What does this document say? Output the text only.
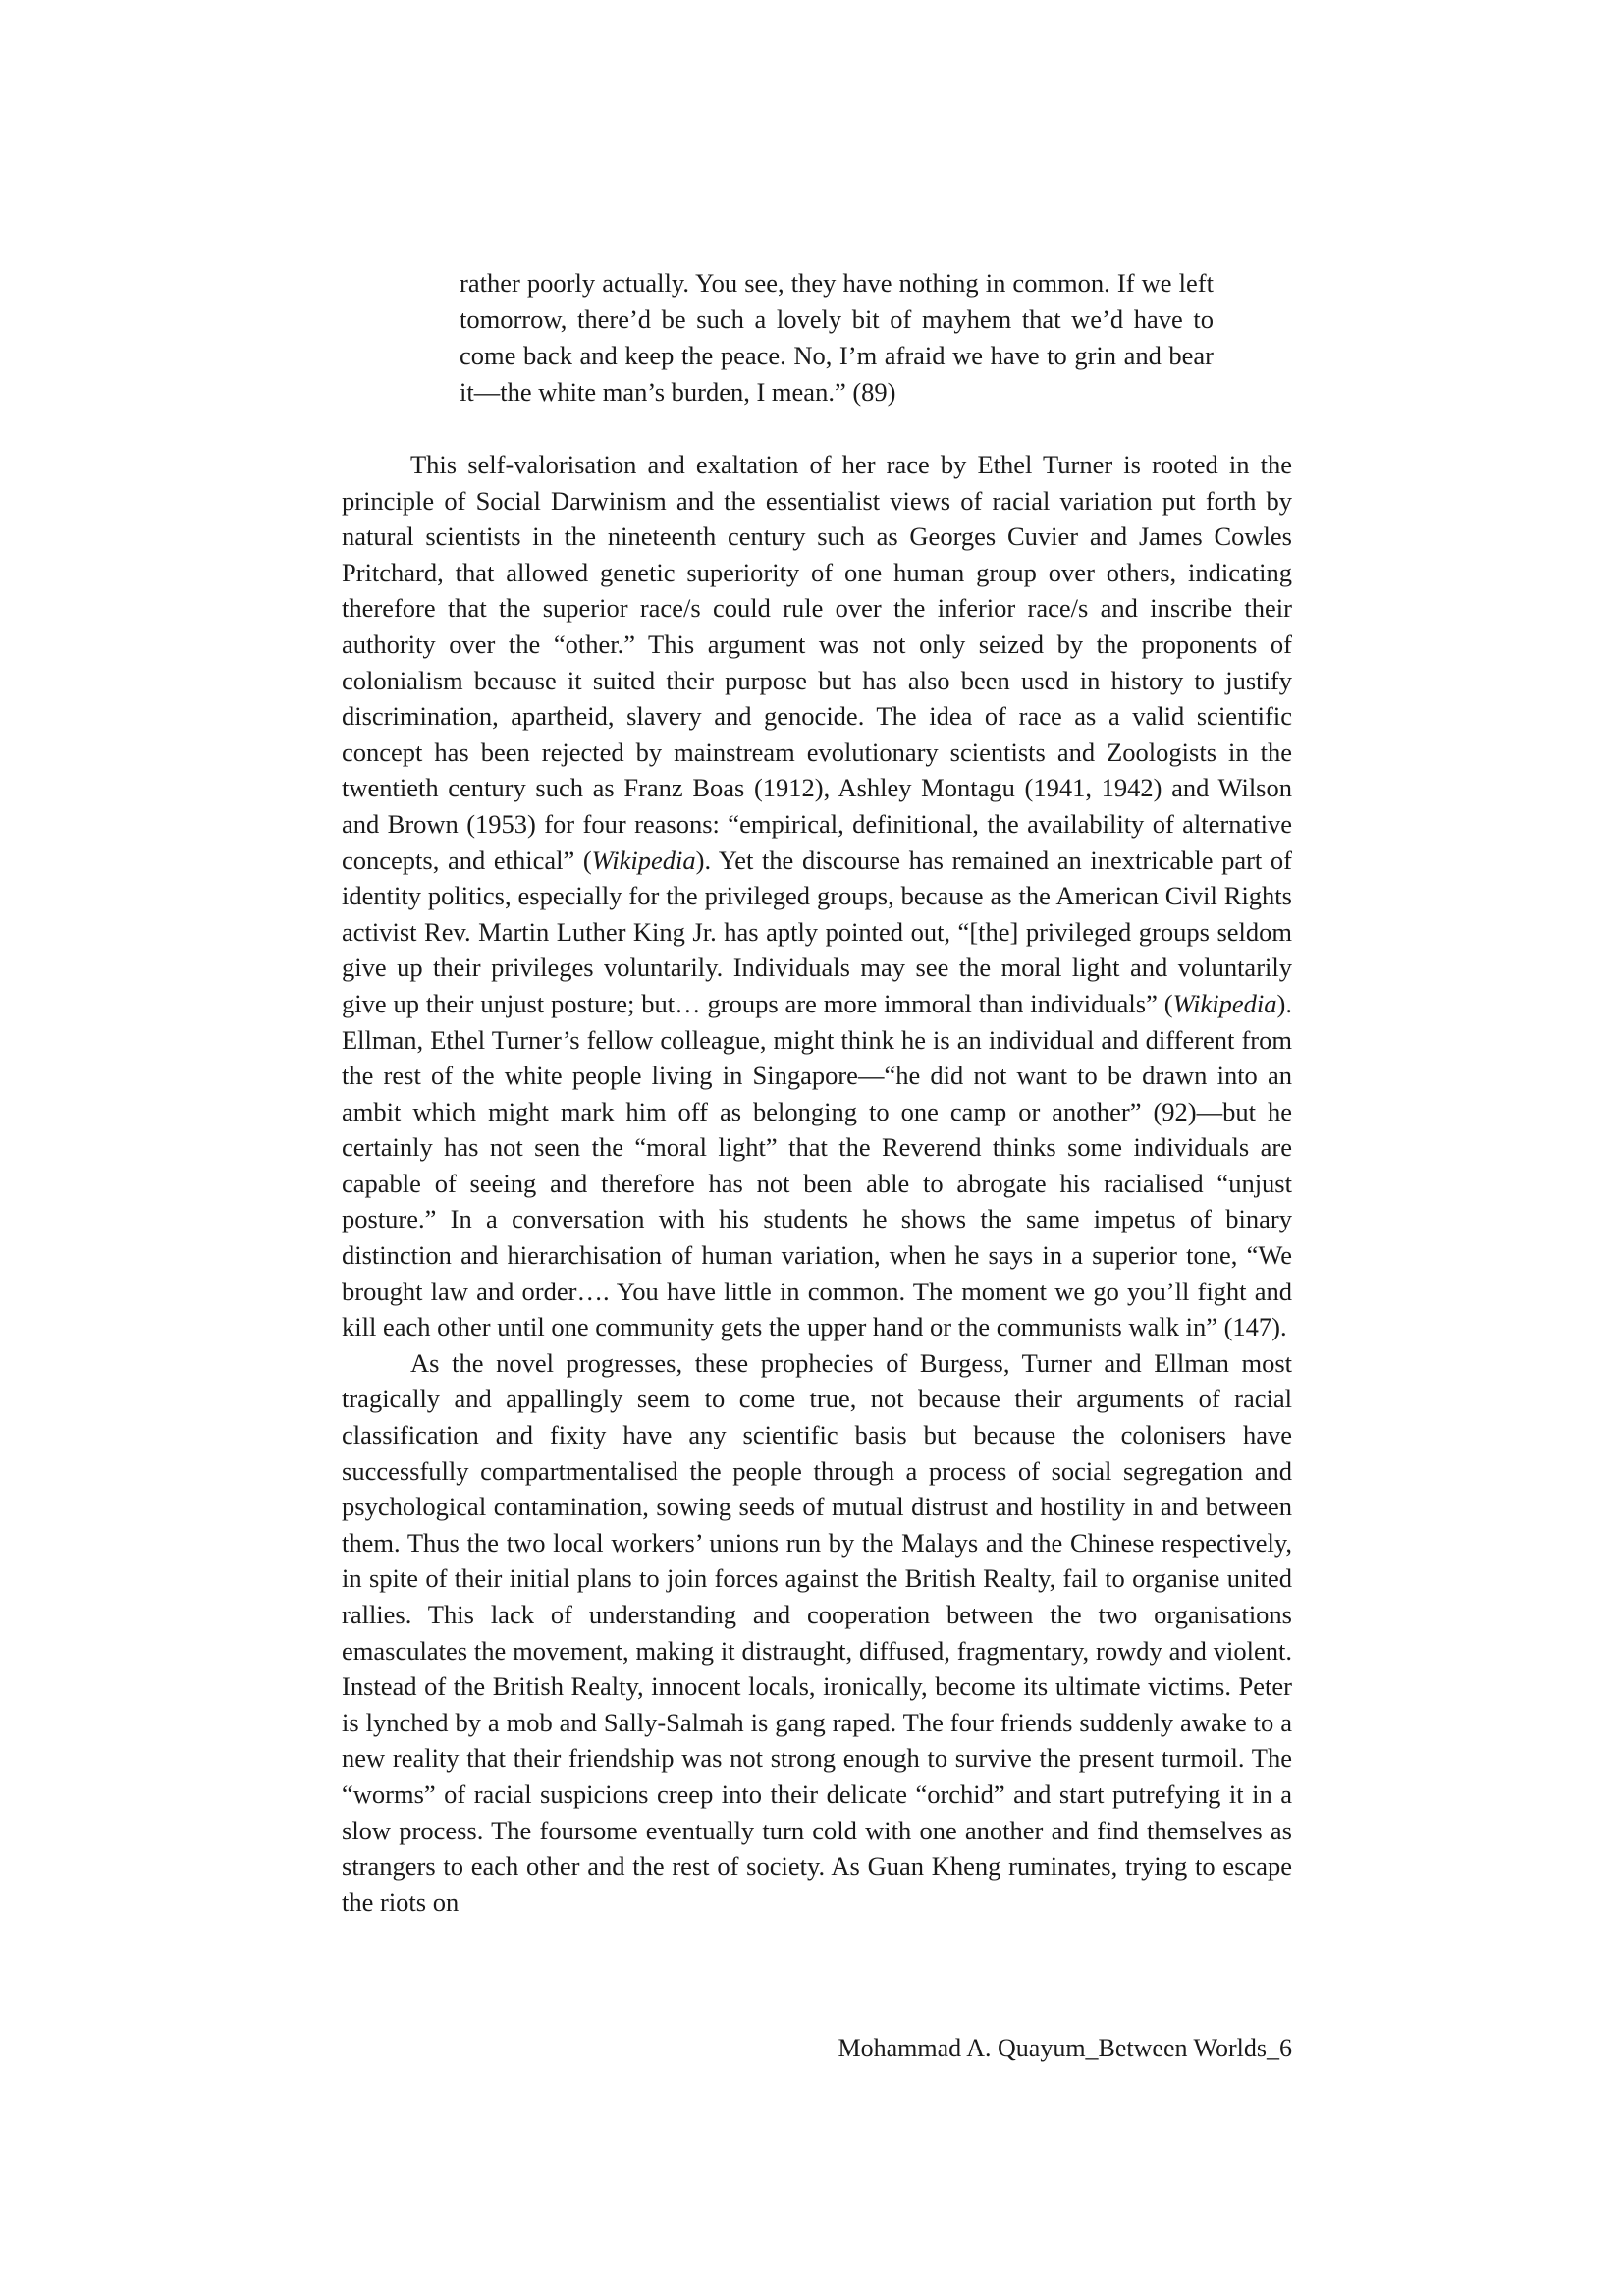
rather poorly actually. You see, they have nothing in common. If we left tomorrow, there’d be such a lovely bit of mayhem that we’d have to come back and keep the peace. No, I’m afraid we have to grin and bear it—the white man’s burden, I mean.” (89)

This self-valorisation and exaltation of her race by Ethel Turner is rooted in the principle of Social Darwinism and the essentialist views of racial variation put forth by natural scientists in the nineteenth century such as Georges Cuvier and James Cowles Pritchard, that allowed genetic superiority of one human group over others, indicating therefore that the superior race/s could rule over the inferior race/s and inscribe their authority over the “other.” This argument was not only seized by the proponents of colonialism because it suited their purpose but has also been used in history to justify discrimination, apartheid, slavery and genocide. The idea of race as a valid scientific concept has been rejected by mainstream evolutionary scientists and Zoologists in the twentieth century such as Franz Boas (1912), Ashley Montagu (1941, 1942) and Wilson and Brown (1953) for four reasons: “empirical, definitional, the availability of alternative concepts, and ethical” (Wikipedia). Yet the discourse has remained an inextricable part of identity politics, especially for the privileged groups, because as the American Civil Rights activist Rev. Martin Luther King Jr. has aptly pointed out, “[the] privileged groups seldom give up their privileges voluntarily. Individuals may see the moral light and voluntarily give up their unjust posture; but… groups are more immoral than individuals” (Wikipedia). Ellman, Ethel Turner’s fellow colleague, might think he is an individual and different from the rest of the white people living in Singapore—“he did not want to be drawn into an ambit which might mark him off as belonging to one camp or another” (92)—but he certainly has not seen the “moral light” that the Reverend thinks some individuals are capable of seeing and therefore has not been able to abrogate his racialised “unjust posture.” In a conversation with his students he shows the same impetus of binary distinction and hierarchisation of human variation, when he says in a superior tone, “We brought law and order…. You have little in common. The moment we go you’ll fight and kill each other until one community gets the upper hand or the communists walk in” (147).

As the novel progresses, these prophecies of Burgess, Turner and Ellman most tragically and appallingly seem to come true, not because their arguments of racial classification and fixity have any scientific basis but because the colonisers have successfully compartmentalised the people through a process of social segregation and psychological contamination, sowing seeds of mutual distrust and hostility in and between them. Thus the two local workers’ unions run by the Malays and the Chinese respectively, in spite of their initial plans to join forces against the British Realty, fail to organise united rallies. This lack of understanding and cooperation between the two organisations emasculates the movement, making it distraught, diffused, fragmentary, rowdy and violent. Instead of the British Realty, innocent locals, ironically, become its ultimate victims. Peter is lynched by a mob and Sally-Salmah is gang raped. The four friends suddenly awake to a new reality that their friendship was not strong enough to survive the present turmoil. The “worms” of racial suspicions creep into their delicate “orchid” and start putrefying it in a slow process. The foursome eventually turn cold with one another and find themselves as strangers to each other and the rest of society. As Guan Kheng ruminates, trying to escape the riots on

Mohammad A. Quayum_Between Worlds_6
